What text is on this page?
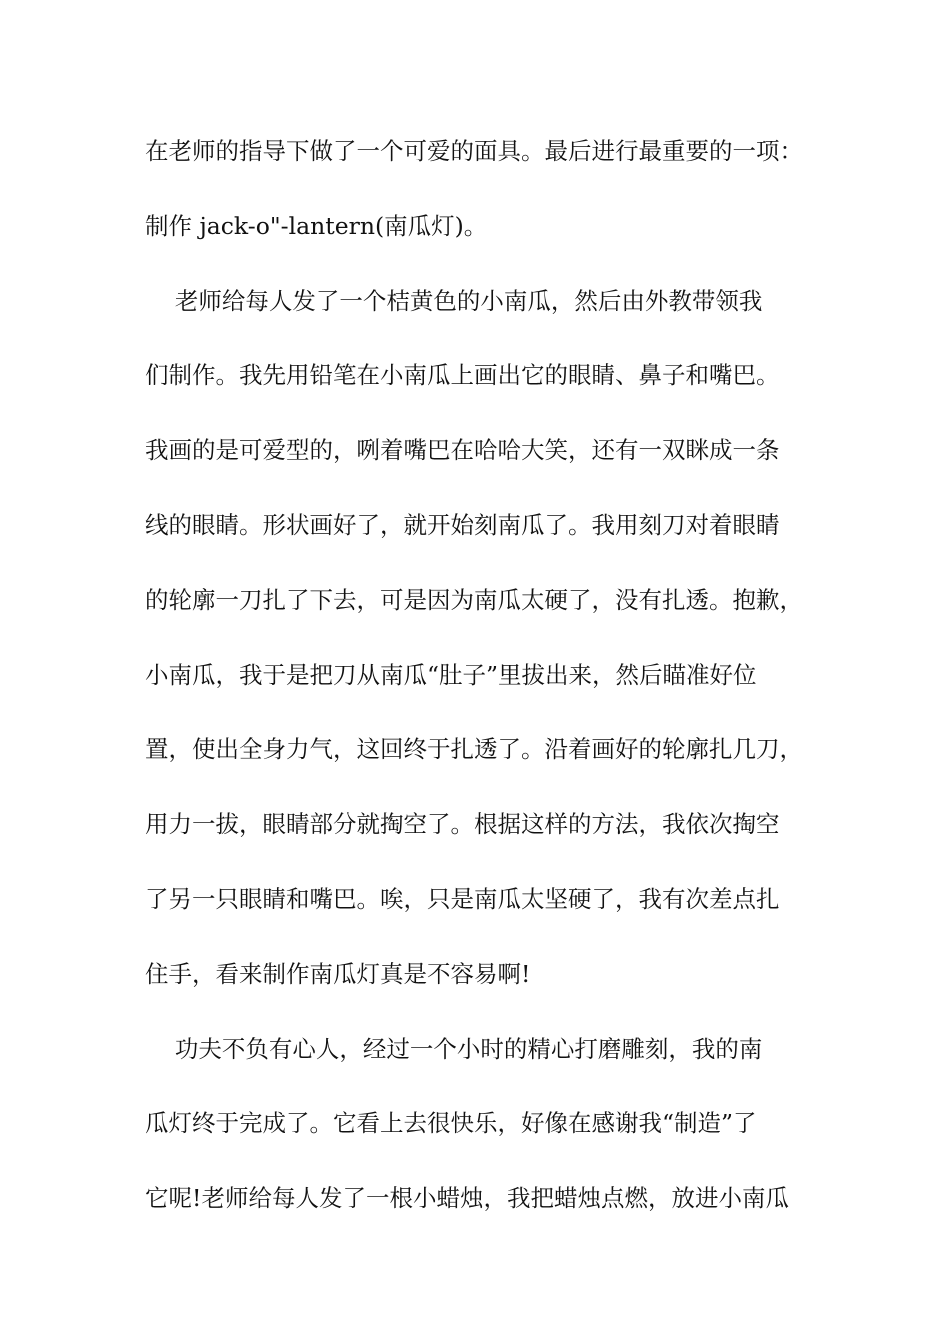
在老师的指导下做了一个可爱的面具。最后进行最重要的一项：
制作 jack-o"-lantern(南瓜灯)。
老师给每人发了一个桔黄色的小南瓜，然后由外教带领我
们制作。我先用铅笔在小南瓜上画出它的眼睛、鼻子和嘴巴。
我画的是可爱型的，咧着嘴巴在哈哈大笑，还有一双眯成一条
线的眼睛。形状画好了，就开始刻南瓜了。我用刻刀对着眼睛
的轮廓一刀扎了下去，可是因为南瓜太硬了，没有扎透。抱歉，
小南瓜，我于是把刀从南瓜“肚子”里拔出来，然后瞄准好位
置，使出全身力气，这回终于扎透了。沿着画好的轮廓扎几刀，
用力一拔，眼睛部分就掏空了。根据这样的方法，我依次掏空
了另一只眼睛和嘴巴。唉，只是南瓜太坚硬了，我有次差点扎
住手，看来制作南瓜灯真是不容易啊!
功夫不负有心人，经过一个小时的精心打磨雕刻，我的南
瓜灯终于完成了。它看上去很快乐，好像在感谢我“制造”了
它呢!老师给每人发了一根小蜡烛，我把蜡烛点燃，放进小南瓜
